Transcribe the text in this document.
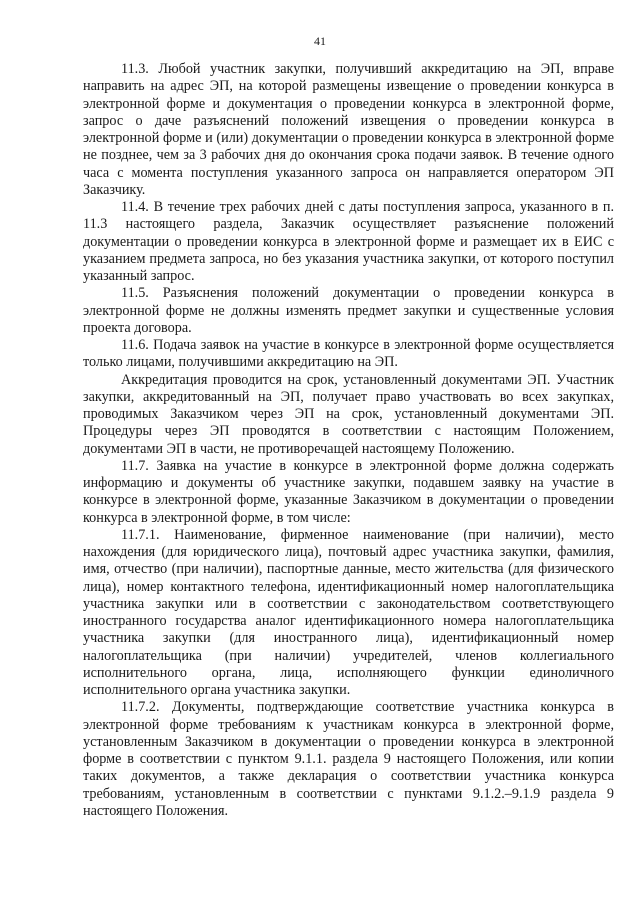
41

11.3. Любой участник закупки, получивший аккредитацию на ЭП, вправе направить на адрес ЭП, на которой размещены извещение о проведении конкурса в электронной форме и документация о проведении конкурса в электронной форме, запрос о даче разъяснений положений извещения о проведении конкурса в электронной форме и (или) документации о проведении конкурса в электронной форме не позднее, чем за 3 рабочих дня до окончания срока подачи заявок. В течение одного часа с момента поступления указанного запроса он направляется оператором ЭП Заказчику.

11.4. В течение трех рабочих дней с даты поступления запроса, указанного в п. 11.3 настоящего раздела, Заказчик осуществляет разъяснение положений документации о проведении конкурса в электронной форме и размещает их в ЕИС с указанием предмета запроса, но без указания участника закупки, от которого поступил указанный запрос.

11.5. Разъяснения положений документации о проведении конкурса в электронной форме не должны изменять предмет закупки и существенные условия проекта договора.

11.6. Подача заявок на участие в конкурсе в электронной форме осуществляется только лицами, получившими аккредитацию на ЭП.

Аккредитация проводится на срок, установленный документами ЭП. Участник закупки, аккредитованный на ЭП, получает право участвовать во всех закупках, проводимых Заказчиком через ЭП на срок, установленный документами ЭП. Процедуры через ЭП проводятся в соответствии с настоящим Положением, документами ЭП в части, не противоречащей настоящему Положению.

11.7. Заявка на участие в конкурсе в электронной форме должна содержать информацию и документы об участнике закупки, подавшем заявку на участие в конкурсе в электронной форме, указанные Заказчиком в документации о проведении конкурса в электронной форме, в том числе:

11.7.1. Наименование, фирменное наименование (при наличии), место нахождения (для юридического лица), почтовый адрес участника закупки, фамилия, имя, отчество (при наличии), паспортные данные, место жительства (для физического лица), номер контактного телефона, идентификационный номер налогоплательщика участника закупки или в соответствии с законодательством соответствующего иностранного государства аналог идентификационного номера налогоплательщика участника закупки (для иностранного лица), идентификационный номер налогоплательщика (при наличии) учредителей, членов коллегиального исполнительного органа, лица, исполняющего функции единоличного исполнительного органа участника закупки.

11.7.2. Документы, подтверждающие соответствие участника конкурса в электронной форме требованиям к участникам конкурса в электронной форме, установленным Заказчиком в документации о проведении конкурса в электронной форме в соответствии с пунктом 9.1.1. раздела 9 настоящего Положения, или копии таких документов, а также декларация о соответствии участника конкурса требованиям, установленным в соответствии с пунктами 9.1.2.–9.1.9 раздела 9 настоящего Положения.
